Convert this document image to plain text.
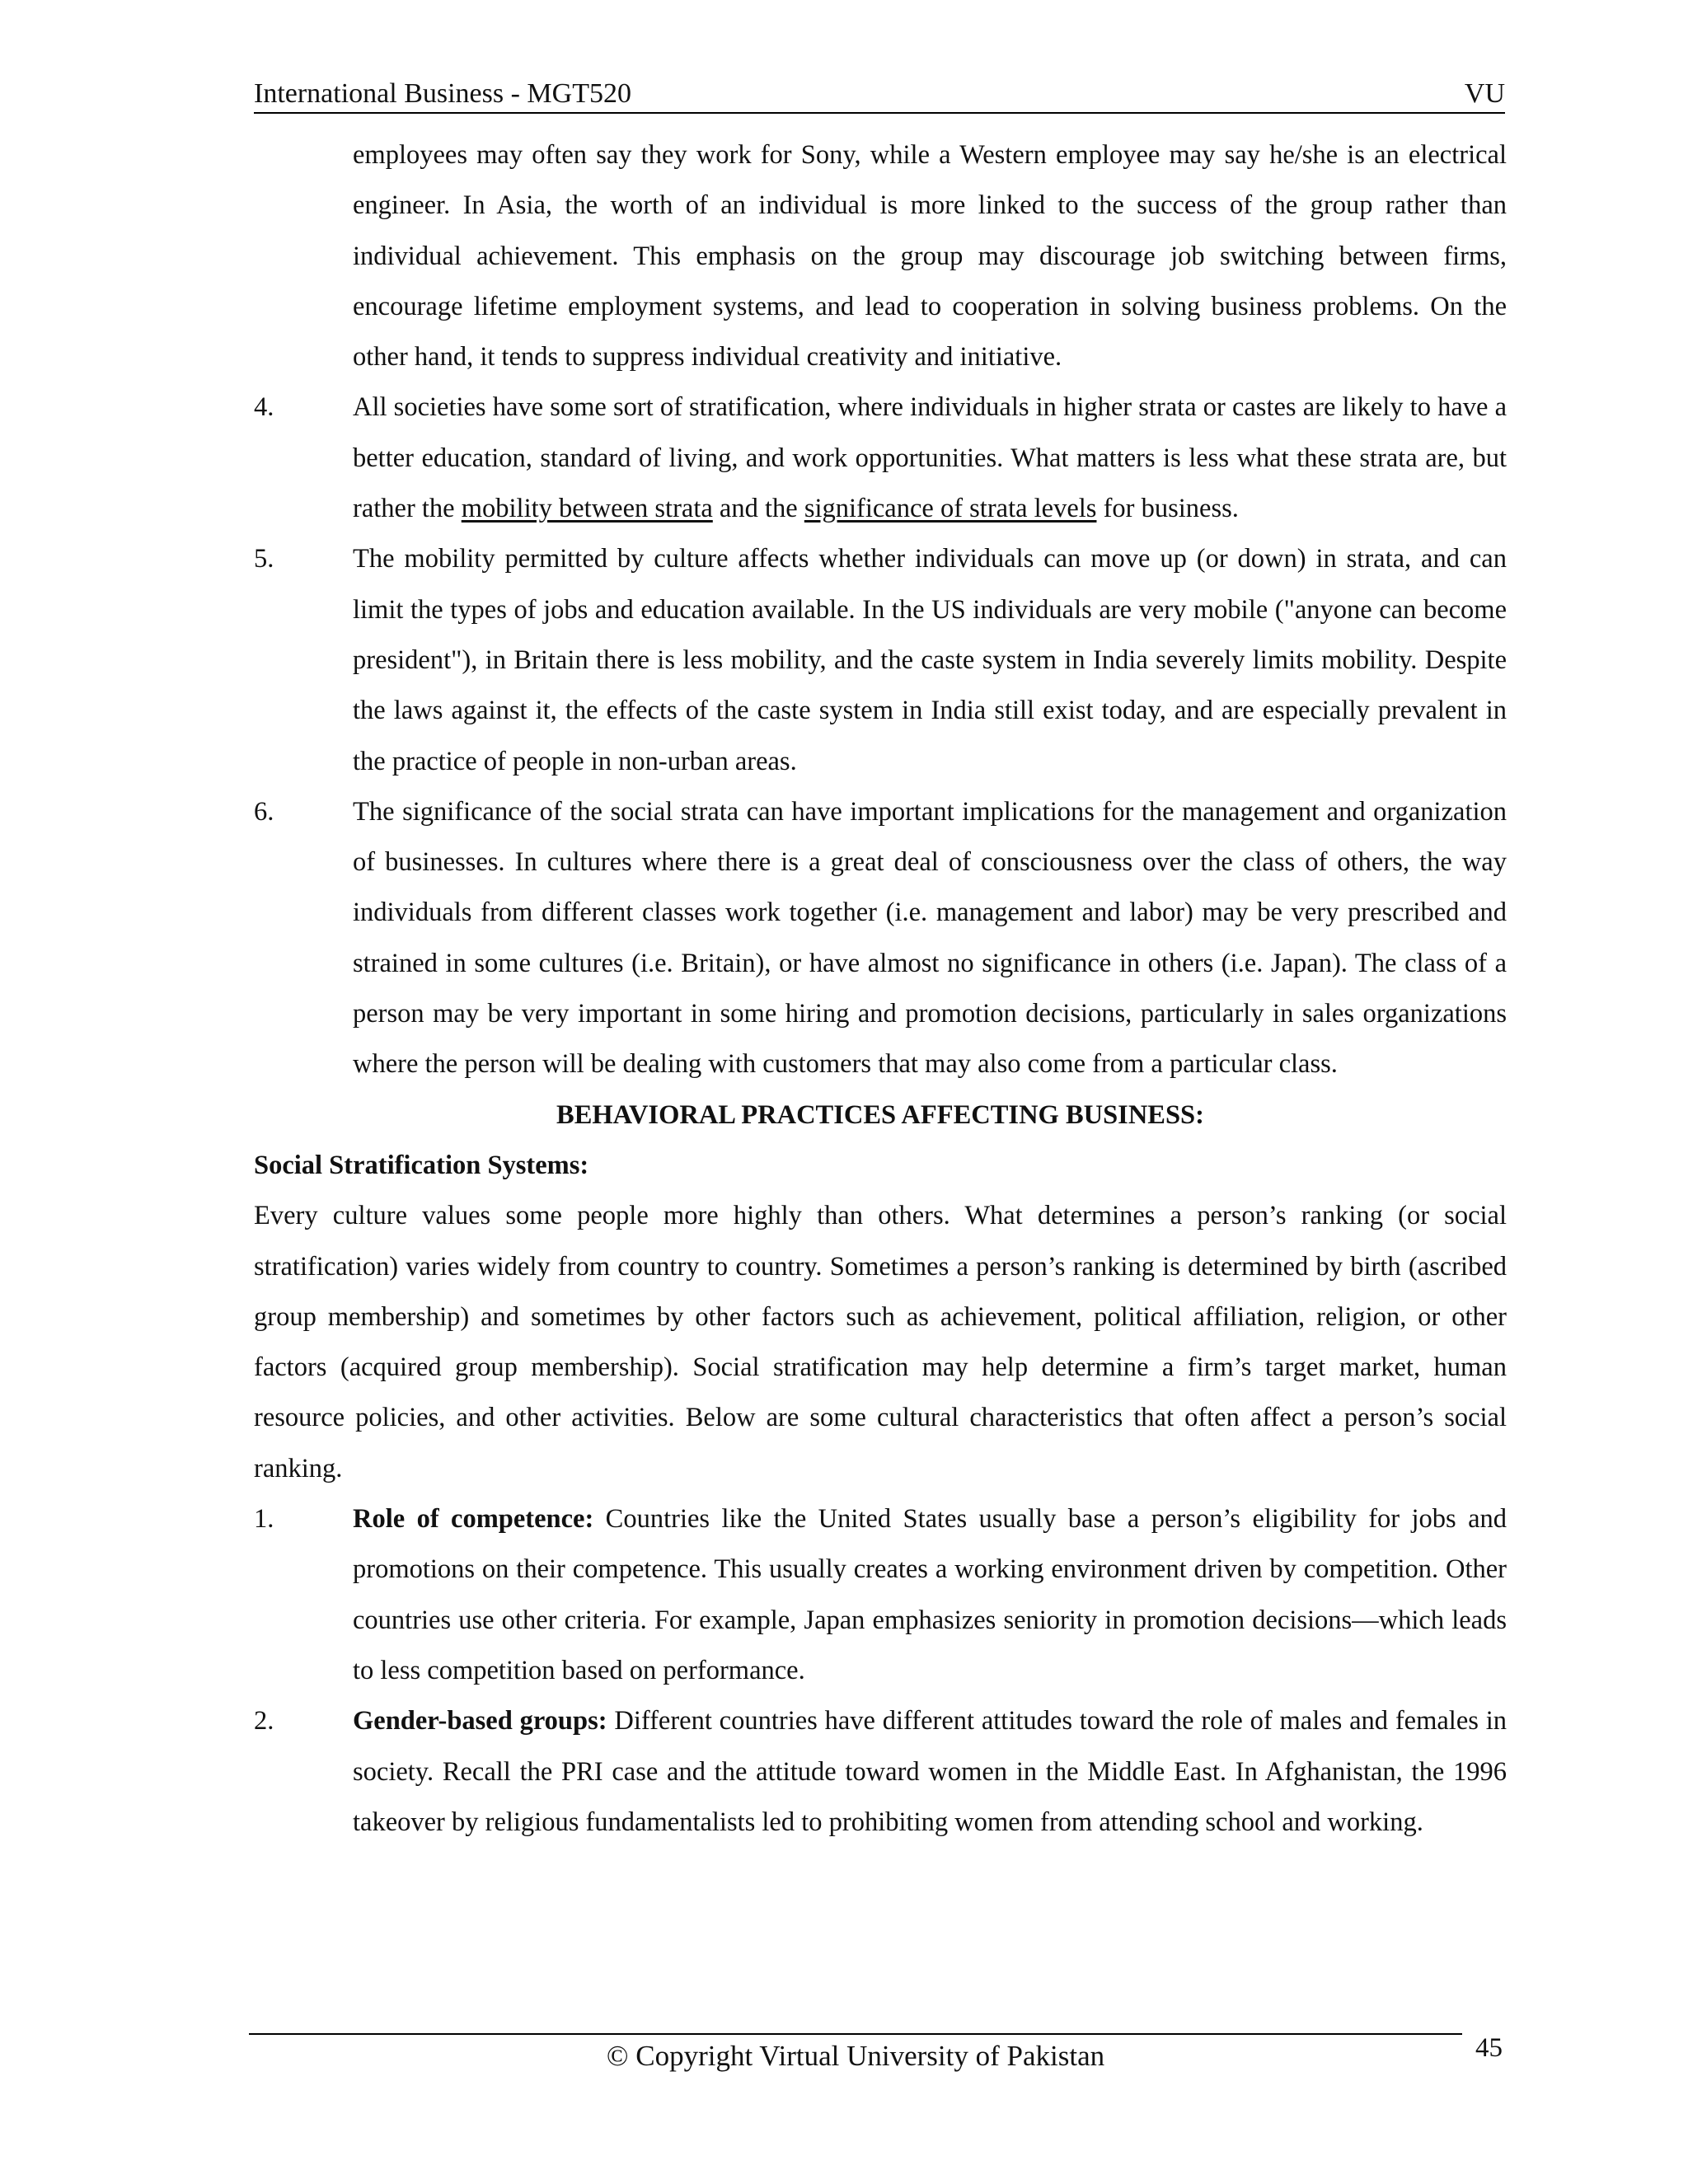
International Business - MGT520	VU
employees may often say they work for Sony, while a Western employee may say he/she is an electrical engineer. In Asia, the worth of an individual is more linked to the success of the group rather than individual achievement. This emphasis on the group may discourage job switching between firms, encourage lifetime employment systems, and lead to cooperation in solving business problems. On the other hand, it tends to suppress individual creativity and initiative.
4.	All societies have some sort of stratification, where individuals in higher strata or castes are likely to have a better education, standard of living, and work opportunities. What matters is less what these strata are, but rather the mobility between strata and the significance of strata levels for business.
5.	The mobility permitted by culture affects whether individuals can move up (or down) in strata, and can limit the types of jobs and education available. In the US individuals are very mobile ("anyone can become president"), in Britain there is less mobility, and the caste system in India severely limits mobility. Despite the laws against it, the effects of the caste system in India still exist today, and are especially prevalent in the practice of people in non-urban areas.
6.	The significance of the social strata can have important implications for the management and organization of businesses. In cultures where there is a great deal of consciousness over the class of others, the way individuals from different classes work together (i.e. management and labor) may be very prescribed and strained in some cultures (i.e. Britain), or have almost no significance in others (i.e. Japan). The class of a person may be very important in some hiring and promotion decisions, particularly in sales organizations where the person will be dealing with customers that may also come from a particular class.
BEHAVIORAL PRACTICES AFFECTING BUSINESS:
Social Stratification Systems:
Every culture values some people more highly than others. What determines a person’s ranking (or social stratification) varies widely from country to country. Sometimes a person’s ranking is determined by birth (ascribed group membership) and sometimes by other factors such as achievement, political affiliation, religion, or other factors (acquired group membership). Social stratification may help determine a firm’s target market, human resource policies, and other activities. Below are some cultural characteristics that often affect a person’s social ranking.
1.	Role of competence: Countries like the United States usually base a person’s eligibility for jobs and promotions on their competence. This usually creates a working environment driven by competition. Other countries use other criteria. For example, Japan emphasizes seniority in promotion decisions—which leads to less competition based on performance.
2.	Gender-based groups: Different countries have different attitudes toward the role of males and females in society. Recall the PRI case and the attitude toward women in the Middle East. In Afghanistan, the 1996 takeover by religious fundamentalists led to prohibiting women from attending school and working.
© Copyright Virtual University of Pakistan	45
